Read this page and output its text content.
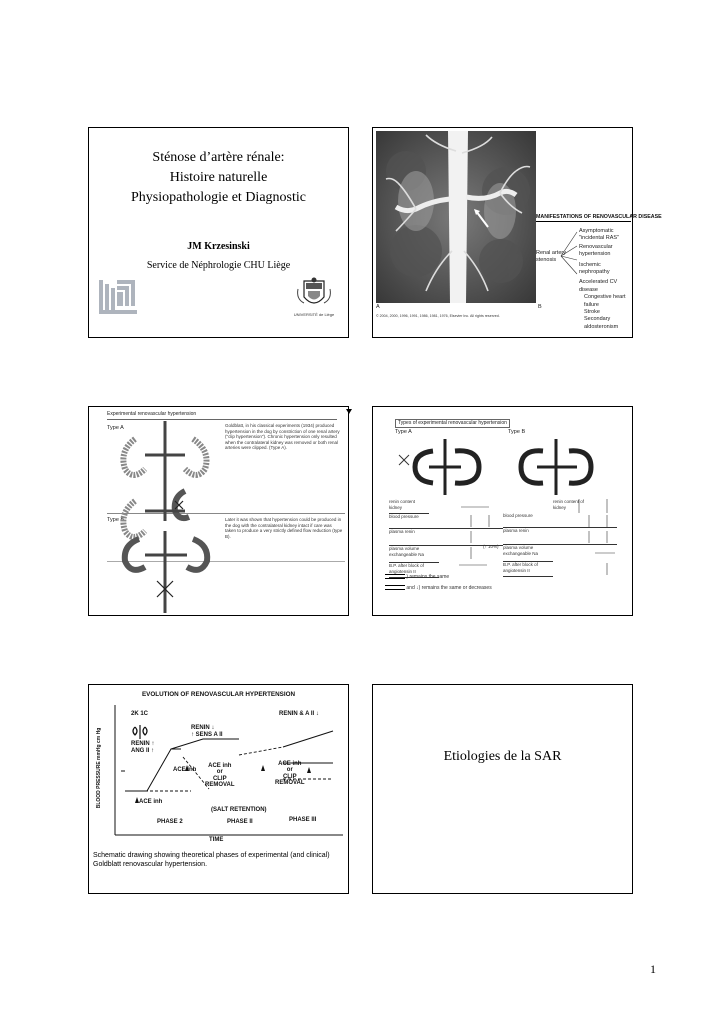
Sténose d’artère rénale:
Histoire naturelle
Physiopathologie et Diagnostic
JM Krzesinski
Service de Néphrologie CHU Liège
UNIVERSITÉ de Liège
MANIFESTATIONS OF RENOVASCULAR DISEASE
Renal artery
stenosis
Asymptomatic
"incidental RAS"
Renovascular hypertension
Ischemic nephropathy
Accelerated CV disease
Congestive heart failure
Stroke
Secondary aldosteronism
A	B
© 2004, 2000, 1996, 1991, 1986, 1981, 1976, Elsevier Inc. All rights reserved.
Experimental renovascular hypertension
Type A	Goldblatt, in his classical experiments (1934) produced hypertension in the dog by constriction of one renal artery ("clip hypertension"). Chronic hypertension only resulted when the contralateral kidney was removed or both renal arteries were clipped. (Type A).
Type B	Later it was shown that hypertension could be produced in the dog with the contralateral kidney intact if care was taken to produce a very strictly defined flow reduction (type B).
Types of experimental renovascular hypertension
Type A	Type B
renin content kidney
blood pressure
plasma renin
plasma volume exchangeable Na
B.P. after block of angiotensin II
(↑ 10%)
renin content of kidney
blood pressure
plasma renin
plasma volume exchangeable Na
B.P. after block of angiotensin II
) remains the same
and ↓) remains the same or decreases
EVOLUTION OF RENOVASCULAR HYPERTENSION
BLOOD PRESSURE mmHg cm Hg
2K 1C
RENIN ↑
ANG II ↑
RENIN ↓
↑ SENS A II
RENIN & A II ↓
ACE inh
ACE inh
or
CLIP
REMOVAL
ACE inh
or
CLIP
REMOVAL
ACE inh
(SALT RETENTION)
PHASE 2	PHASE II	PHASE III
TIME
Schematic drawing showing theoretical phases of experimental (and clinical) Goldblatt renovascular hypertension.
Etiologies de la SAR
1
